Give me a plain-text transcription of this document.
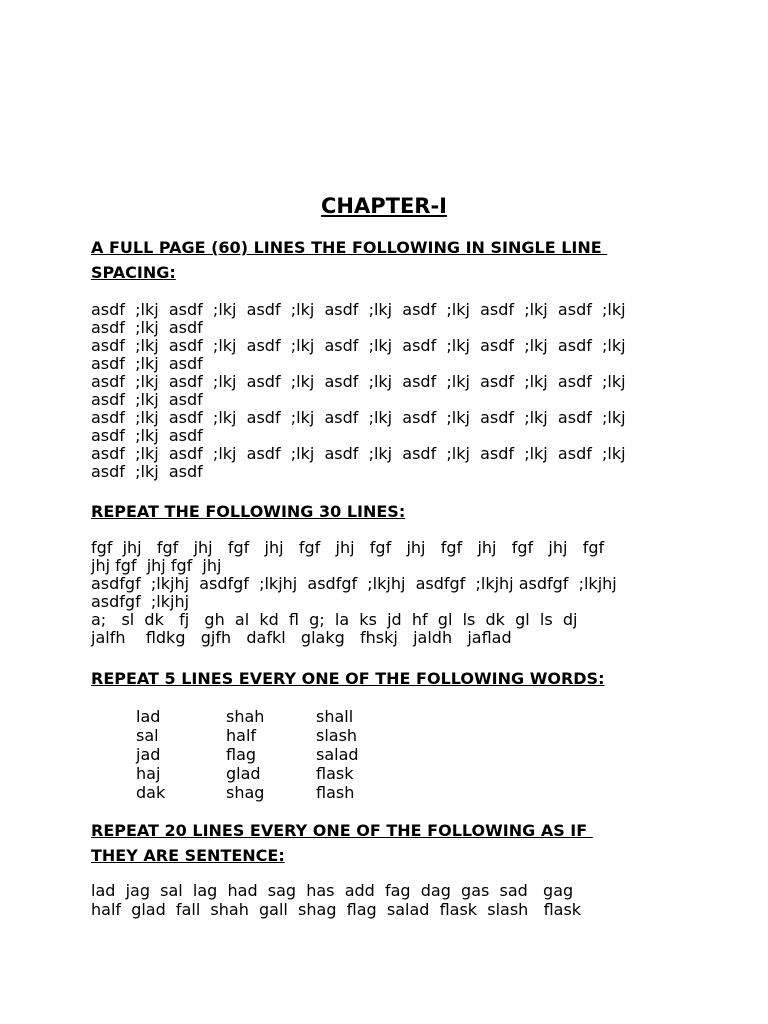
CHAPTER-I
A FULL PAGE (60) LINES THE FOLLOWING IN SINGLE LINE
SPACING:
asdf  ;lkj  asdf  ;lkj  asdf  ;lkj  asdf  ;lkj  asdf  ;lkj  asdf  ;lkj  asdf  ;lkj
asdf  ;lkj  asdf
asdf  ;lkj  asdf  ;lkj  asdf  ;lkj  asdf  ;lkj  asdf  ;lkj  asdf  ;lkj  asdf  ;lkj
asdf  ;lkj  asdf
asdf  ;lkj  asdf  ;lkj  asdf  ;lkj  asdf  ;lkj  asdf  ;lkj  asdf  ;lkj  asdf  ;lkj
asdf  ;lkj  asdf
asdf  ;lkj  asdf  ;lkj  asdf  ;lkj  asdf  ;lkj  asdf  ;lkj  asdf  ;lkj  asdf  ;lkj
asdf  ;lkj  asdf
asdf  ;lkj  asdf  ;lkj  asdf  ;lkj  asdf  ;lkj  asdf  ;lkj  asdf  ;lkj  asdf  ;lkj
asdf  ;lkj  asdf
REPEAT THE FOLLOWING 30 LINES:
fgf  jhj   fgf   jhj   fgf   jhj   fgf   jhj   fgf   jhj   fgf   jhj   fgf   jhj   fgf
jhj fgf  jhj fgf  jhj
asdfgf  ;lkjhj  asdfgf  ;lkjhj  asdfgf  ;lkjhj  asdfgf  ;lkjhj asdfgf  ;lkjhj
asdfgf  ;lkjhj
a;   sl  dk   fj   gh  al  kd  fl  g;  la  ks  jd  hf  gl  ls  dk  gl  ls  dj
jalfh    fldkg   gjfh   dafkl   glakg   fhskj   jaldh   jaflad
REPEAT 5 LINES EVERY ONE OF THE FOLLOWING WORDS:
lad	shah	shall
sal	half	slash
jad	flag	salad
haj	glad	flask
dak	shag	flash
REPEAT 20 LINES EVERY ONE OF THE FOLLOWING AS IF
THEY ARE SENTENCE:
lad  jag  sal  lag  had  sag  has  add  fag  dag  gas  sad   gag
half  glad  fall  shah  gall  shag  flag  salad  flask  slash   flask
